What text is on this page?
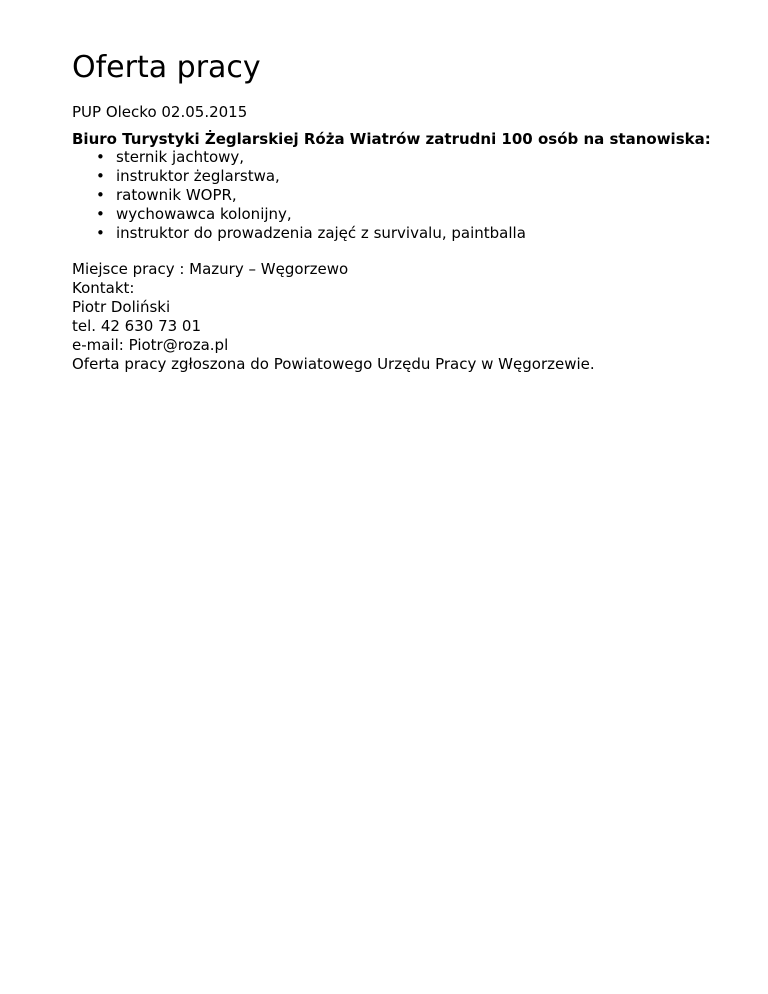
Oferta pracy
PUP Olecko 02.05.2015
Biuro Turystyki Żeglarskiej Róża Wiatrów zatrudni 100 osób na stanowiska:
• sternik jachtowy,
• instruktor żeglarstwa,
• ratownik WOPR,
• wychowawca kolonijny,
• instruktor do prowadzenia zajęć z survivalu, paintballa
Miejsce pracy : Mazury – Węgorzewo
Kontakt:
Piotr Doliński
tel. 42 630 73 01
e-mail: Piotr@roza.pl
Oferta pracy zgłoszona do Powiatowego Urzędu Pracy w Węgorzewie.
